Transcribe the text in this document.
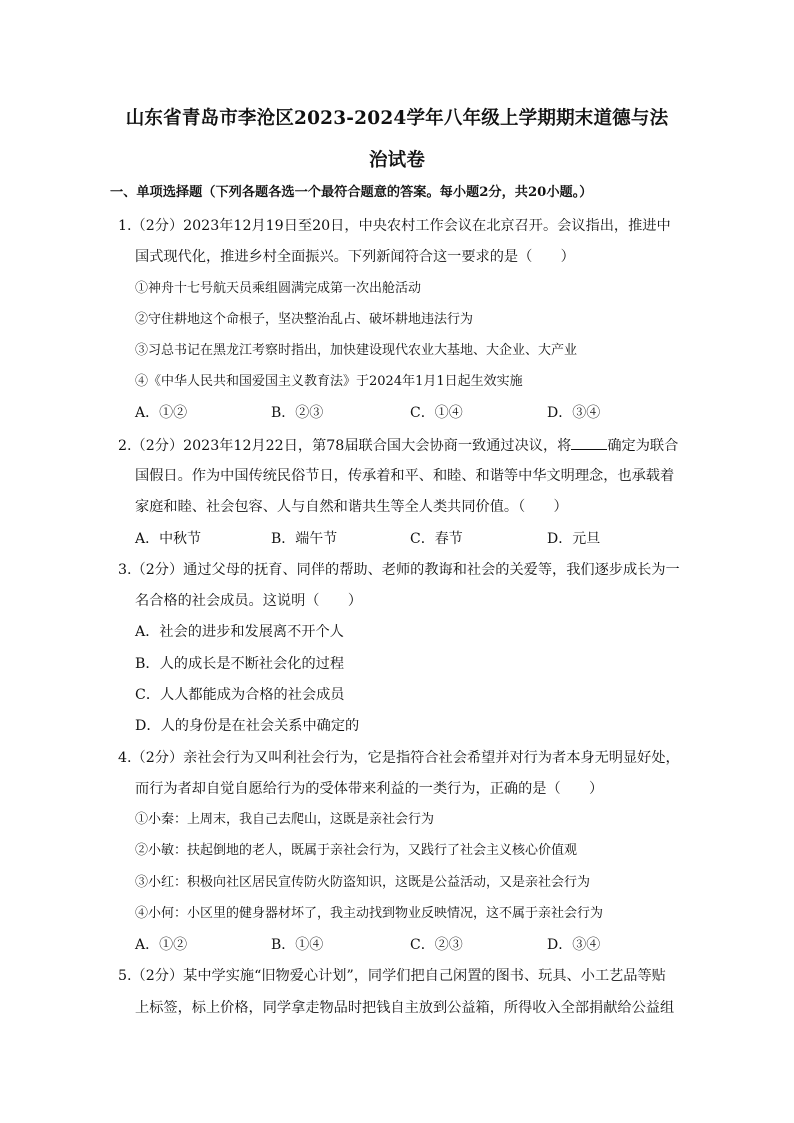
山东省青岛市李沧区2023-2024学年八年级上学期期末道德与法
治试卷
一、单项选择题（下列各题各选一个最符合题意的答案。每小题2分，共20小题。）
1.（2分）2023年12月19日至20日，中央农村工作会议在北京召开。会议指出，推进中
国式现代化，推进乡村全面振兴。下列新闻符合这一要求的是（　　）
①神舟十七号航天员乘组圆满完成第一次出舱活动
②守住耕地这个命根子，坚决整治乱占、破坏耕地违法行为
③习总书记在黑龙江考察时指出，加快建设现代农业大基地、大企业、大产业
④《中华人民共和国爱国主义教育法》于2024年1月1日起生效实施
A．①②	B．②③	C．①④	D．③④
2.（2分）2023年12月22日，第78届联合国大会协商一致通过决议，将	确定为联合
国假日。作为中国传统民俗节日，传承着和平、和睦、和谐等中华文明理念，也承载着
家庭和睦、社会包容、人与自然和谐共生等全人类共同价值。（　　）
A．中秋节	B．端午节	C．春节	D．元旦
3.（2分）通过父母的抚育、同伴的帮助、老师的教诲和社会的关爱等，我们逐步成长为一
名合格的社会成员。这说明（　　）
A．社会的进步和发展离不开个人
B．人的成长是不断社会化的过程
C．人人都能成为合格的社会成员
D．人的身份是在社会关系中确定的
4.（2分）亲社会行为又叫利社会行为，它是指符合社会希望并对行为者本身无明显好处，
而行为者却自觉自愿给行为的受体带来利益的一类行为，正确的是（　　）
①小秦：上周末，我自己去爬山，这既是亲社会行为
②小敏：扶起倒地的老人，既属于亲社会行为，又践行了社会主义核心价值观
③小红：积极向社区居民宣传防火防盗知识，这既是公益活动，又是亲社会行为
④小何：小区里的健身器材坏了，我主动找到物业反映情况，这不属于亲社会行为
A．①②	B．①④	C．②③	D．③④
5.（2分）某中学实施“旧物爱心计划”，同学们把自己闲置的图书、玩具、小工艺品等贴
上标签，标上价格，同学拿走物品时把钱自主放到公益箱，所得收入全部捐献给公益组
